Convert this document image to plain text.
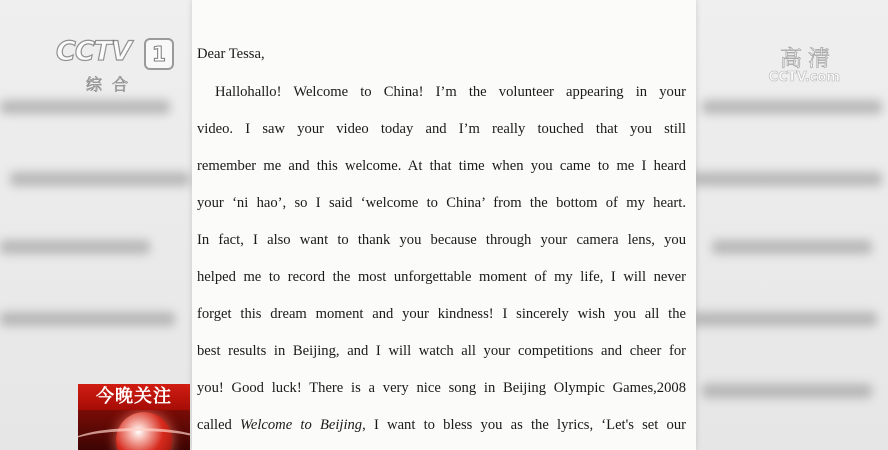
Dear Tessa,
Hallohallo! Welcome to China! I’m the volunteer appearing in your
video. I saw your video today and I’m really touched that you still
remember me and this welcome. At that time when you came to me I heard
your ‘ni hao’, so I said ‘welcome to China’ from the bottom of my heart.
In fact, I also want to thank you because through your camera lens, you
helped me to record the most unforgettable moment of my life, I will never
forget this dream moment and your kindness! I sincerely wish you all the
best results in Beijing, and I will watch all your competitions and cheer for
you! Good luck! There is a very nice song in Beijing Olympic Games,2008
called Welcome to Beijing, I want to bless you as the lyrics, ‘Let's set our
CCTV	1
综合
高清
CCTV.com
今晚关注
